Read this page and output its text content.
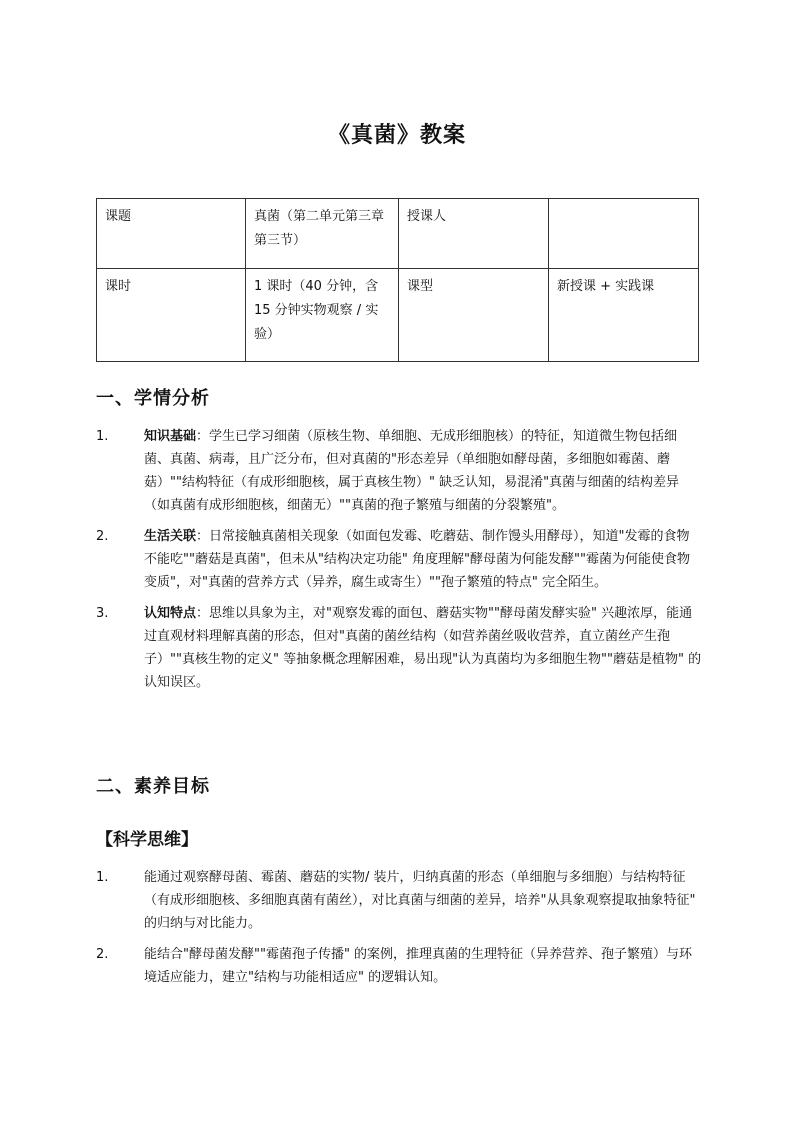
《真菌》教案
课题	真菌（第二单元第三章第三节）	授课人	
课时	1 课时（40 分钟，含 15 分钟实物观察 / 实验）	课型	新授课 + 实践课
一、学情分析
1.	知识基础：学生已学习细菌（原核生物、单细胞、无成形细胞核）的特征，知道微生物包括细菌、真菌、病毒，且广泛分布，但对真菌的"形态差异（单细胞如酵母菌，多细胞如霉菌、蘑菇）""结构特征（有成形细胞核，属于真核生物）" 缺乏认知，易混淆"真菌与细菌的结构差异（如真菌有成形细胞核，细菌无）""真菌的孢子繁殖与细菌的分裂繁殖"。
2.	生活关联：日常接触真菌相关现象（如面包发霉、吃蘑菇、制作馒头用酵母），知道"发霉的食物不能吃""蘑菇是真菌"，但未从"结构决定功能" 角度理解"酵母菌为何能发酵""霉菌为何能使食物变质"，对"真菌的营养方式（异养，腐生或寄生）""孢子繁殖的特点" 完全陌生。
3.	认知特点：思维以具象为主，对"观察发霉的面包、蘑菇实物""酵母菌发酵实验" 兴趣浓厚，能通过直观材料理解真菌的形态，但对"真菌的菌丝结构（如营养菌丝吸收营养，直立菌丝产生孢子）""真核生物的定义" 等抽象概念理解困难，易出现"认为真菌均为多细胞生物""蘑菇是植物" 的认知误区。
二、素养目标
【科学思维】
1.	能通过观察酵母菌、霉菌、蘑菇的实物/ 装片，归纳真菌的形态（单细胞与多细胞）与结构特征（有成形细胞核、多细胞真菌有菌丝），对比真菌与细菌的差异，培养"从具象观察提取抽象特征" 的归纳与对比能力。
2.	能结合"酵母菌发酵""霉菌孢子传播" 的案例，推理真菌的生理特征（异养营养、孢子繁殖）与环境适应能力，建立"结构与功能相适应" 的逻辑认知。
